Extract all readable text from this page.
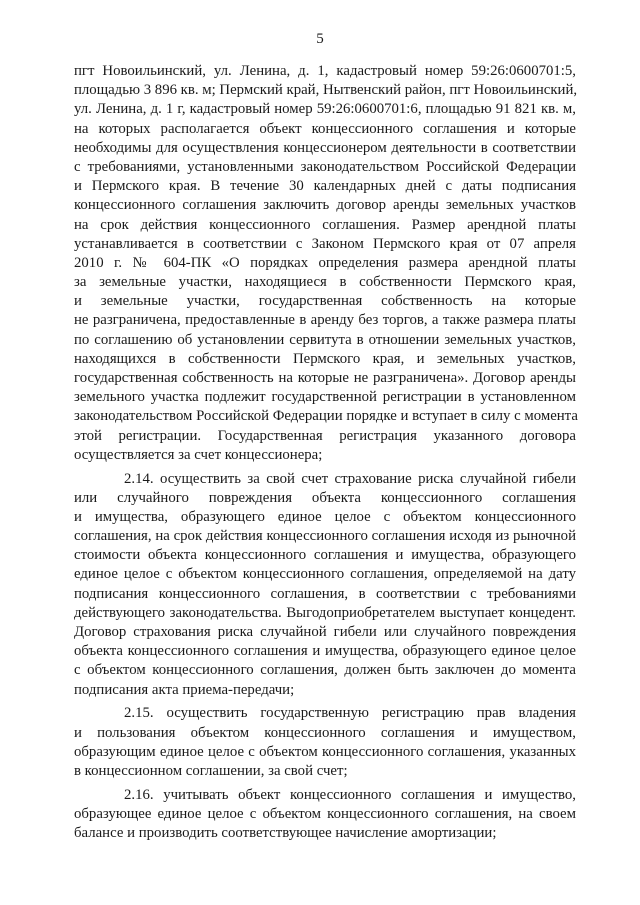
5
пгт Новоильинский, ул. Ленина, д. 1, кадастровый номер 59:26:0600701:5,
площадью 3 896 кв. м; Пермский край, Нытвенский район, пгт Новоильинский,
ул. Ленина, д. 1 г, кадастровый номер 59:26:0600701:6, площадью 91 821 кв. м,
на которых располагается объект концессионного соглашения и которые
необходимы для осуществления концессионером деятельности в соответствии
с требованиями, установленными законодательством Российской Федерации
и Пермского края. В течение 30 календарных дней с даты подписания
концессионного соглашения заключить договор аренды земельных участков
на срок действия концессионного соглашения. Размер арендной платы
устанавливается в соответствии с Законом Пермского края от 07 апреля
2010 г. № 604-ПК «О порядках определения размера арендной платы
за земельные участки, находящиеся в собственности Пермского края,
и земельные участки, государственная собственность на которые
не разграничена, предоставленные в аренду без торгов, а также размера платы
по соглашению об установлении сервитута в отношении земельных участков,
находящихся в собственности Пермского края, и земельных участков,
государственная собственность на которые не разграничена». Договор аренды
земельного участка подлежит государственной регистрации в установленном
законодательством Российской Федерации порядке и вступает в силу с момента
этой регистрации. Государственная регистрация указанного договора
осуществляется за счет концессионера;
2.14. осуществить за свой счет страхование риска случайной гибели
или случайного повреждения объекта концессионного соглашения
и имущества, образующего единое целое с объектом концессионного
соглашения, на срок действия концессионного соглашения исходя из рыночной
стоимости объекта концессионного соглашения и имущества, образующего
единое целое с объектом концессионного соглашения, определяемой на дату
подписания концессионного соглашения, в соответствии с требованиями
действующего законодательства. Выгодоприобретателем выступает концедент.
Договор страхования риска случайной гибели или случайного повреждения
объекта концессионного соглашения и имущества, образующего единое целое
с объектом концессионного соглашения, должен быть заключен до момента
подписания акта приема-передачи;
2.15. осуществить государственную регистрацию прав владения
и пользования объектом концессионного соглашения и имуществом,
образующим единое целое с объектом концессионного соглашения, указанных
в концессионном соглашении, за свой счет;
2.16. учитывать объект концессионного соглашения и имущество,
образующее единое целое с объектом концессионного соглашения, на своем
балансе и производить соответствующее начисление амортизации;
